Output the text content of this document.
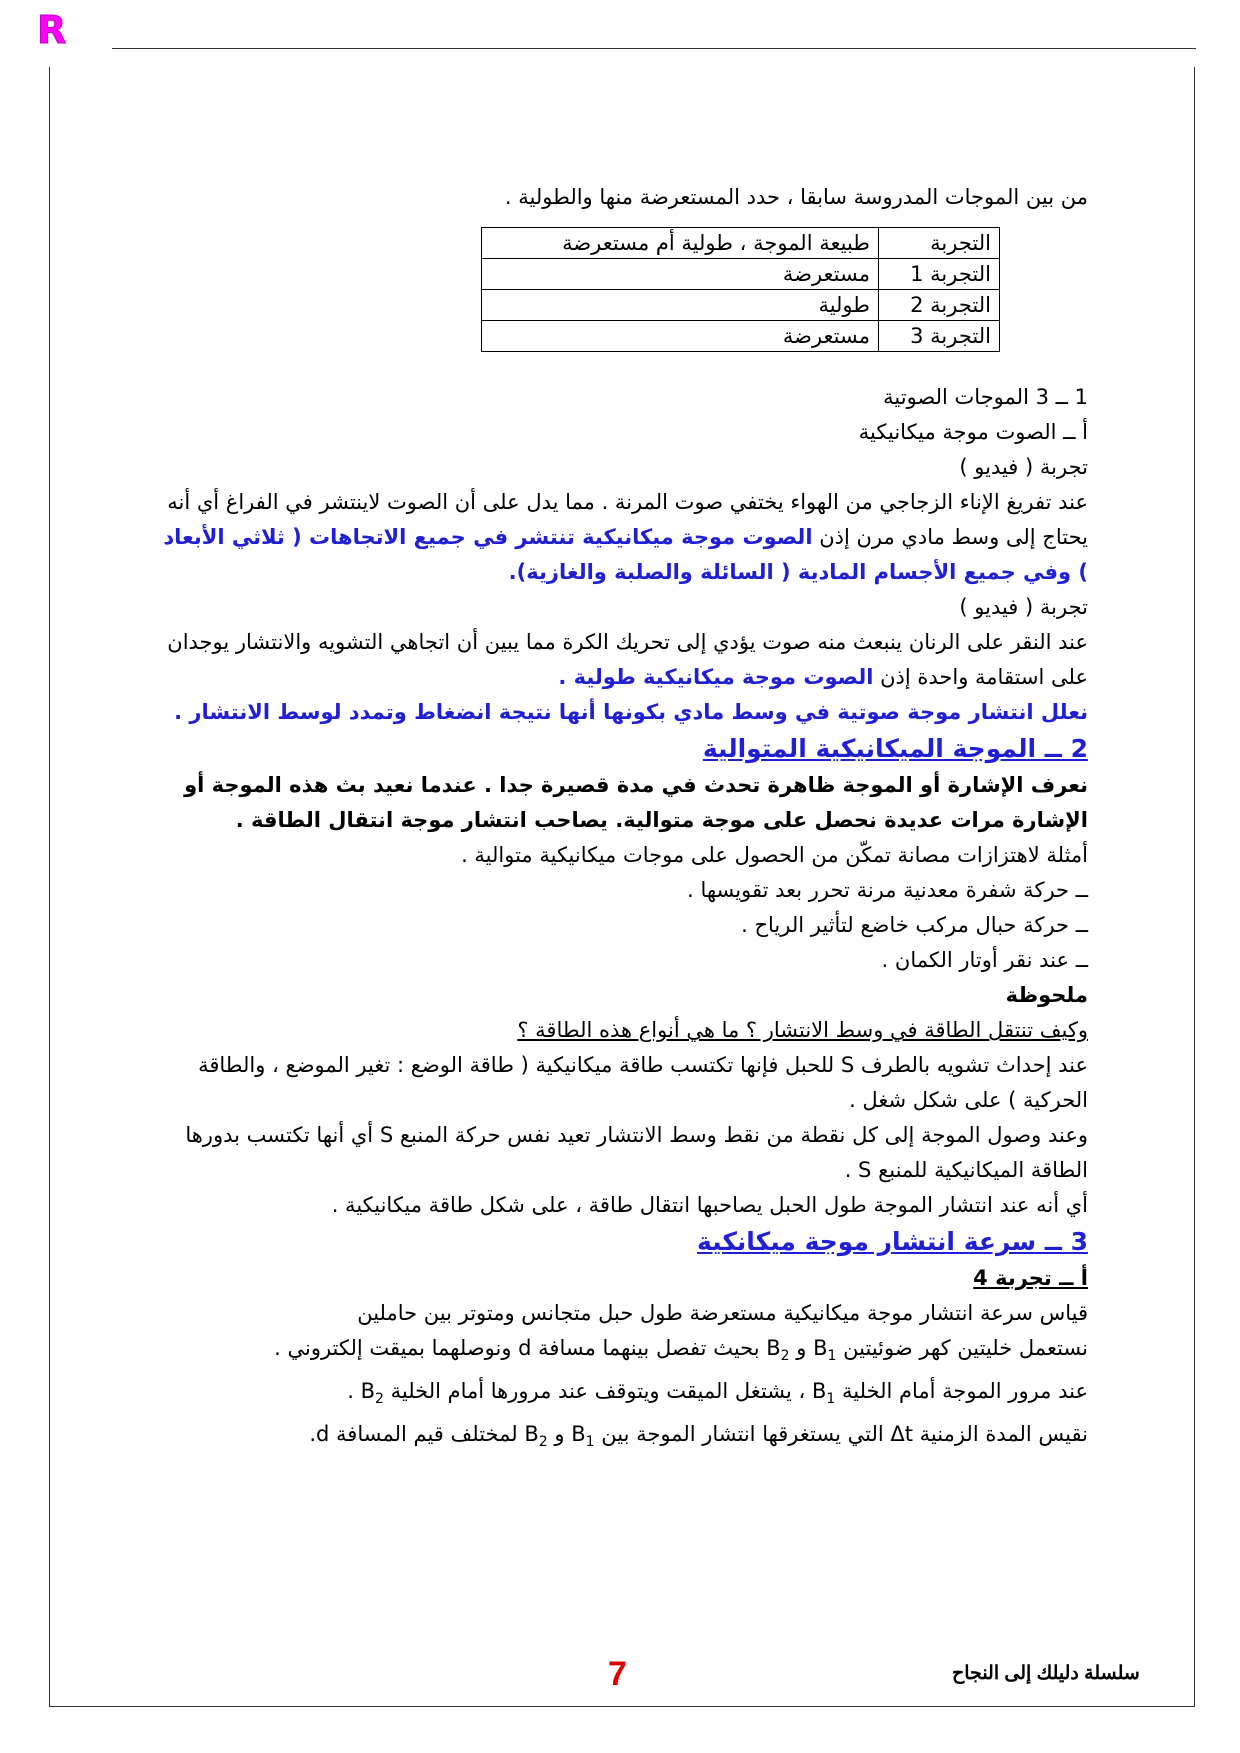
R

من بين الموجات المدروسة سابقا ، حدد المستعرضة منها والطولية .

التجربة	طبيعة الموجة ، طولية أم مستعرضة
التجربة 1	مستعرضة
التجربة 2	طولية
التجربة 3	مستعرضة

1 ــ 3 الموجات الصوتية

أ ــ الصوت موجة ميكانيكية

تجربة ( فيديو )

عند تفريغ الإناء الزجاجي من الهواء يختفي صوت المرنة . مما يدل على أن الصوت لاينتشر في الفراغ أي أنه يحتاج إلى وسط مادي مرن إذن الصوت موجة ميكانيكية تنتشر في جميع الاتجاهات ( ثلاثي الأبعاد ) وفي جميع الأجسام المادية ( السائلة والصلبة والغازية).

تجربة ( فيديو )

عند النقر على الرنان ينبعث منه صوت يؤدي إلى تحريك الكرة مما يبين أن اتجاهي التشويه والانتشار يوجدان على استقامة واحدة إذن الصوت موجة ميكانيكية طولية .

نعلل انتشار موجة صوتية في وسط مادي بكونها أنها نتيجة انضغاط وتمدد لوسط الانتشار .

2 ــ الموجة الميكانيكية المتوالية

نعرف الإشارة أو الموجة ظاهرة تحدث في مدة قصيرة جدا . عندما نعيد بث هذه الموجة أو الإشارة مرات عديدة نحصل على موجة متوالية. يصاحب انتشار موجة انتقال الطاقة .

أمثلة لاهتزازات مصانة تمكّن من الحصول على موجات ميكانيكية متوالية .

ــ حركة شفرة معدنية مرنة تحرر بعد تقويسها .

ــ حركة حبال مركب خاضع لتأثير الرياح .

ــ عند نقر أوتار الكمان .

ملحوظة

وكيف تنتقل الطاقة في وسط الانتشار ؟ ما هي أنواع هذه الطاقة ؟

عند إحداث تشويه بالطرف S للحبل فإنها تكتسب طاقة ميكانيكية ( طاقة الوضع : تغير الموضع ، والطاقة الحركية ) على شكل شغل .

وعند وصول الموجة إلى كل نقطة من نقط وسط الانتشار تعيد نفس حركة المنبع S أي أنها تكتسب بدورها الطاقة الميكانيكية للمنبع S .

أي أنه عند انتشار الموجة طول الحبل يصاحبها انتقال طاقة ، على شكل طاقة ميكانيكية .

3 ــ سرعة انتشار موجة ميكانكية

أ ــ تجربة 4

قياس سرعة انتشار موجة ميكانيكية مستعرضة طول حبل متجانس ومتوتر بين حاملين

نستعمل خليتين كهر ضوئيتين $B_1$ و $B_2$ بحيث تفصل بينهما مسافة d ونوصلهما بميقت إلكتروني .

عند مرور الموجة أمام الخلية $B_1$ ، يشتغل الميقت ويتوقف عند مرورها أمام الخلية $B_2$ .

نقيس المدة الزمنية Δt التي يستغرقها انتشار الموجة بين $B_1$ و $B_2$ لمختلف قيم المسافة d.

7	سلسلة دليلك إلى النجاح
